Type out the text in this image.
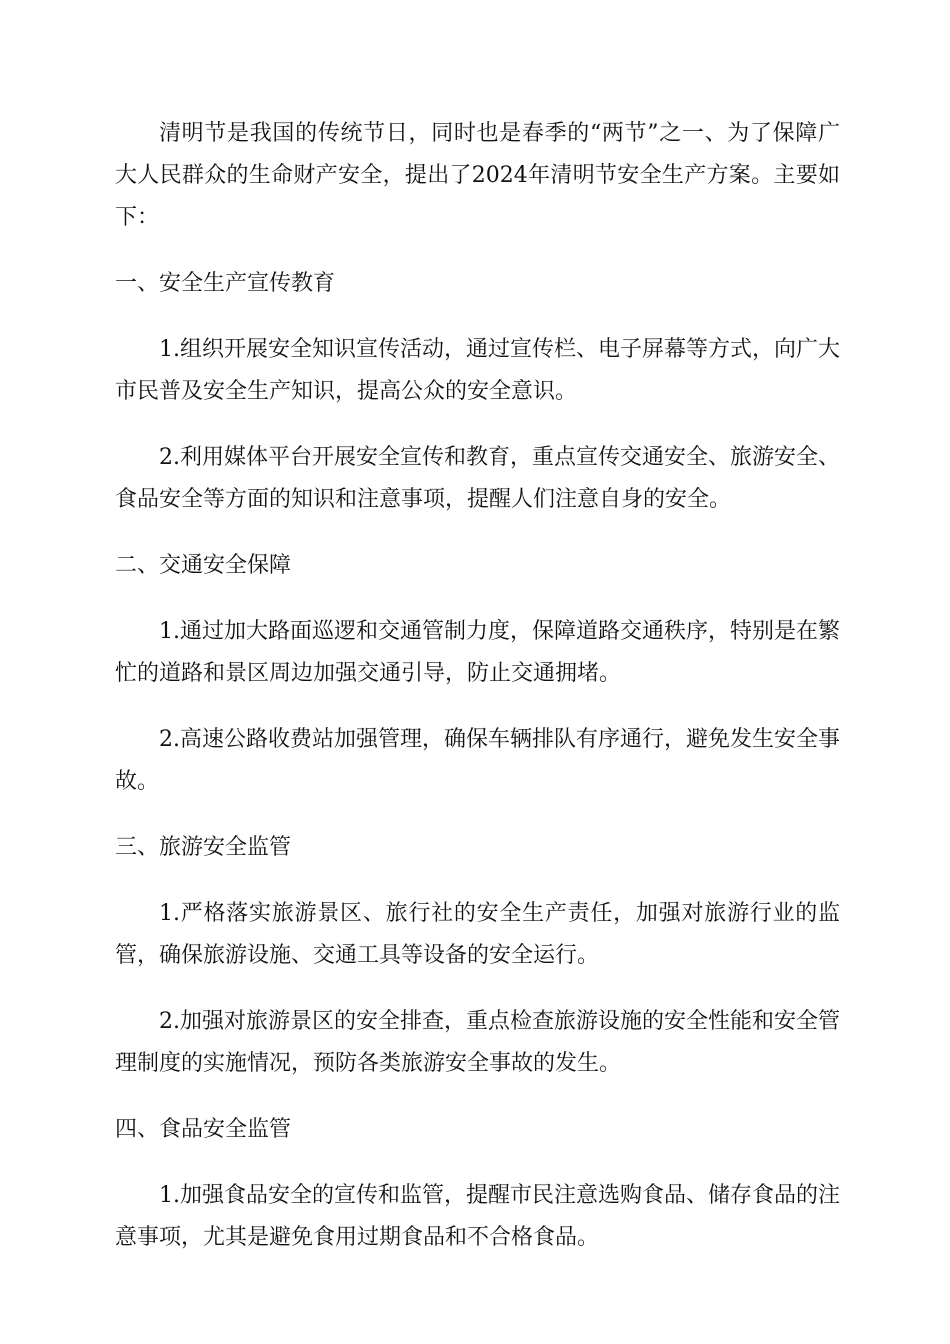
清明节是我国的传统节日，同时也是春季的“两节”之一、为了保障广大人民群众的生命财产安全，提出了2024年清明节安全生产方案。主要如下：

一、安全生产宣传教育

1.组织开展安全知识宣传活动，通过宣传栏、电子屏幕等方式，向广大市民普及安全生产知识，提高公众的安全意识。

2.利用媒体平台开展安全宣传和教育，重点宣传交通安全、旅游安全、食品安全等方面的知识和注意事项，提醒人们注意自身的安全。

二、交通安全保障

1.通过加大路面巡逻和交通管制力度，保障道路交通秩序，特别是在繁忙的道路和景区周边加强交通引导，防止交通拥堵。

2.高速公路收费站加强管理，确保车辆排队有序通行，避免发生安全事故。

三、旅游安全监管

1.严格落实旅游景区、旅行社的安全生产责任，加强对旅游行业的监管，确保旅游设施、交通工具等设备的安全运行。

2.加强对旅游景区的安全排查，重点检查旅游设施的安全性能和安全管理制度的实施情况，预防各类旅游安全事故的发生。

四、食品安全监管

1.加强食品安全的宣传和监管，提醒市民注意选购食品、储存食品的注意事项，尤其是避免食用过期食品和不合格食品。
